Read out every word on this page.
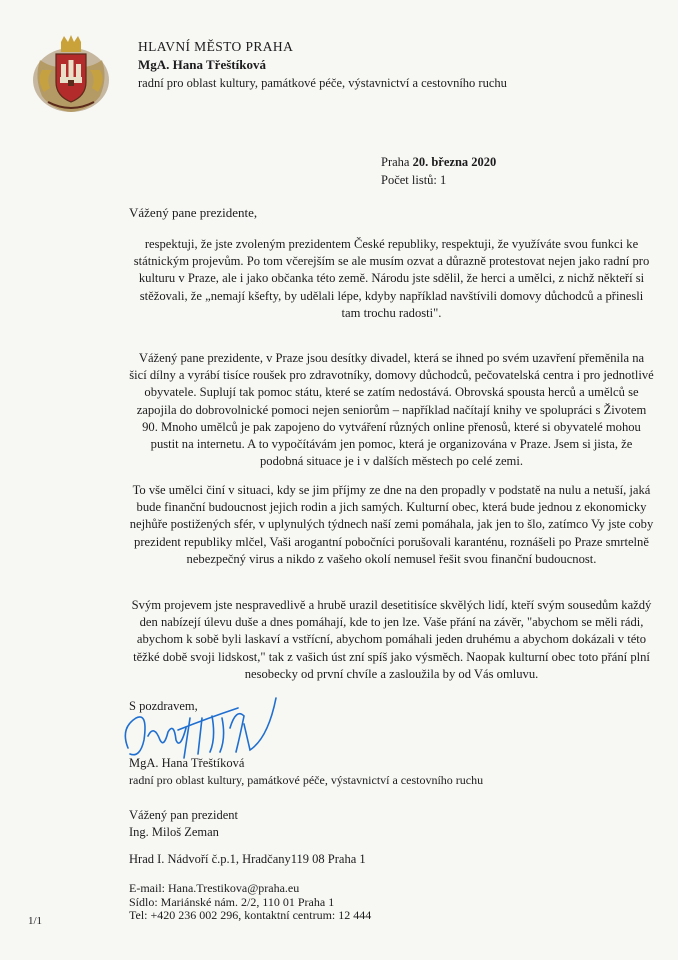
HLAVNÍ MĚSTO PRAHA
MgA. Hana Třeštíková
radní pro oblast kultury, památkové péče, výstavnictví a cestovního ruchu
Praha 20. března 2020
Počet listů: 1
Vážený pane prezidente,
respektuji, že jste zvoleným prezidentem České republiky, respektuji, že využíváte svou funkci ke státnickým projevům. Po tom včerejším se ale musím ozvat a důrazně protestovat nejen jako radní pro kulturu v Praze, ale i jako občanka této země. Národu jste sdělil, že herci a umělci, z nichž někteří si stěžovali, že „nemají kšefty, by udělali lépe, kdyby například navštívili domovy důchodců a přinesli tam trochu radosti".
Vážený pane prezidente, v Praze jsou desítky divadel, která se ihned po svém uzavření přeměnila na šicí dílny a vyrábí tisíce roušek pro zdravotníky, domovy důchodců, pečovatelská centra i pro jednotlivé obyvatele. Suplují tak pomoc státu, které se zatím nedostává. Obrovská spousta herců a umělců se zapojila do dobrovolnické pomoci nejen seniorům – například načítají knihy ve spolupráci s Životem 90. Mnoho umělců je pak zapojeno do vytváření různých online přenosů, které si obyvatelé mohou pustit na internetu. A to vypočítávám jen pomoc, která je organizována v Praze. Jsem si jista, že podobná situace je i v dalších městech po celé zemi.
To vše umělci činí v situaci, kdy se jim příjmy ze dne na den propadly v podstatě na nulu a netuší, jaká bude finanční budoucnost jejich rodin a jich samých. Kulturní obec, která bude jednou z ekonomicky nejhůře postižených sfér, v uplynulých týdnech naší zemi pomáhala, jak jen to šlo, zatímco Vy jste coby prezident republiky mlčel, Vaši arogantní pobočníci porušovali karanténu, roznášeli po Praze smrtelně nebezpečný virus a nikdo z vašeho okolí nemusel řešit svou finanční budoucnost.
Svým projevem jste nespravedlivě a hrubě urazil desetitisíce skvělých lidí, kteří svým sousedům každý den nabízejí úlevu duše a dnes pomáhají, kde to jen lze. Vaše přání na závěr, "abychom se měli rádi, abychom k sobě byli laskaví a vstřícní, abychom pomáhali jeden druhému a abychom dokázali v této těžké době svoji lidskost," tak z vašich úst zní spíš jako výsměch. Naopak kulturní obec toto přání plní nesobecky od první chvíle a zasloužila by od Vás omluvu.
S pozdravem,
MgA. Hana Třeštíková
radní pro oblast kultury, památkové péče, výstavnictví a cestovního ruchu
Vážený pan prezident
Ing. Miloš Zeman
Hrad I. Nádvoří č.p.1, Hradčany119 08 Praha 1
E-mail: Hana.Trestikova@praha.eu
Sídlo: Mariánské nám. 2/2, 110 01 Praha 1
Tel: +420 236 002 296, kontaktní centrum: 12 444
1/1
